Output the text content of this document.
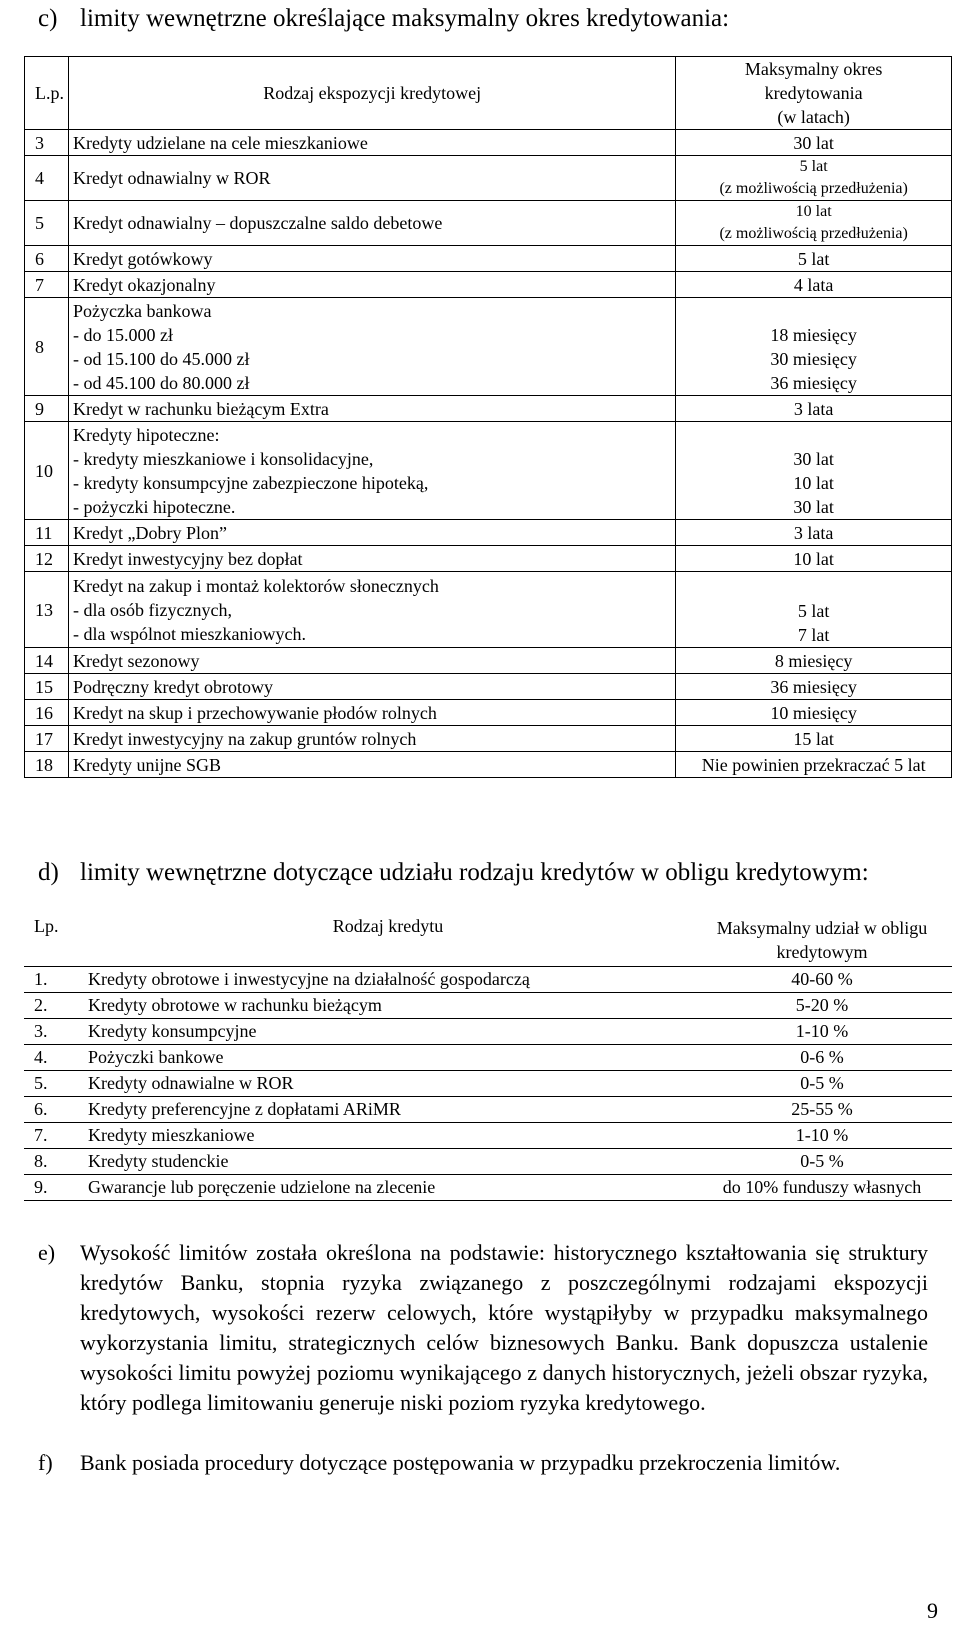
c) limity wewnętrzne określające maksymalny okres kredytowania:
L.p.	Rodzaj ekspozycji kredytowej	Maksymalny okres
kredytowania
(w latach)

3	Kredyty udzielane na cele mieszkaniowe	30 lat
4	Kredyt odnawialny w ROR	5 lat
(z możliwością przedłużenia)

5	Kredyt odnawialny – dopuszczalne saldo debetowe	10 lat
(z możliwością przedłużenia)

6	Kredyt gotówkowy	5 lat
7	Kredyt okazjonalny	4 lata
8	Pożyczka bankowa
- do 15.000 zł
- od 15.100 do 45.000 zł
- od 45.100 do 80.000 zł	18 miesięcy
30 miesięcy
36 miesięcy

9	Kredyt w rachunku bieżącym Extra	3 lata
10	Kredyty hipoteczne:
- kredyty mieszkaniowe i konsolidacyjne,
- kredyty konsumpcyjne zabezpieczone hipoteką,
- pożyczki hipoteczne.	30 lat
10 lat
30 lat

11	Kredyt „Dobry Plon”	3 lata
12	Kredyt inwestycyjny bez dopłat	10 lat
13	Kredyt na zakup i montaż kolektorów słonecznych
- dla osób fizycznych,
- dla wspólnot mieszkaniowych.	5 lat
7 lat

14	Kredyt sezonowy	8 miesięcy
15	Podręczny kredyt obrotowy	36 miesięcy
16	Kredyt na skup i przechowywanie płodów rolnych	10 miesięcy
17	Kredyt inwestycyjny na zakup gruntów rolnych	15 lat
18	Kredyty unijne SGB	Nie powinien przekraczać 5 lat
d) limity wewnętrzne dotyczące udziału rodzaju kredytów w obligu kredytowym:
Lp.	Rodzaj kredytu	Maksymalny udział w obligu
kredytowym

1.	Kredyty obrotowe i inwestycyjne na działalność gospodarczą	40-60 %
2.	Kredyty obrotowe w rachunku bieżącym	5-20 %
3.	Kredyty konsumpcyjne	1-10 %
4.	Pożyczki bankowe	0-6 %
5.	Kredyty odnawialne w ROR	0-5 %
6.	Kredyty preferencyjne z dopłatami ARiMR	25-55 %
7.	Kredyty mieszkaniowe	1-10 %
8.	Kredyty studenckie	0-5 %
9.	Gwarancje lub poręczenie udzielone na zlecenie	do 10% funduszy własnych
e) Wysokość limitów została określona na podstawie: historycznego kształtowania się struktury kredytów Banku, stopnia ryzyka związanego z poszczególnymi rodzajami ekspozycji kredytowych, wysokości rezerw celowych, które wystąpiłyby w przypadku maksymalnego wykorzystania limitu, strategicznych celów biznesowych Banku. Bank dopuszcza ustalenie wysokości limitu powyżej poziomu wynikającego z danych historycznych, jeżeli obszar ryzyka, który podlega limitowaniu generuje niski poziom ryzyka kredytowego.
f) Bank posiada procedury dotyczące postępowania w przypadku przekroczenia limitów.
9
